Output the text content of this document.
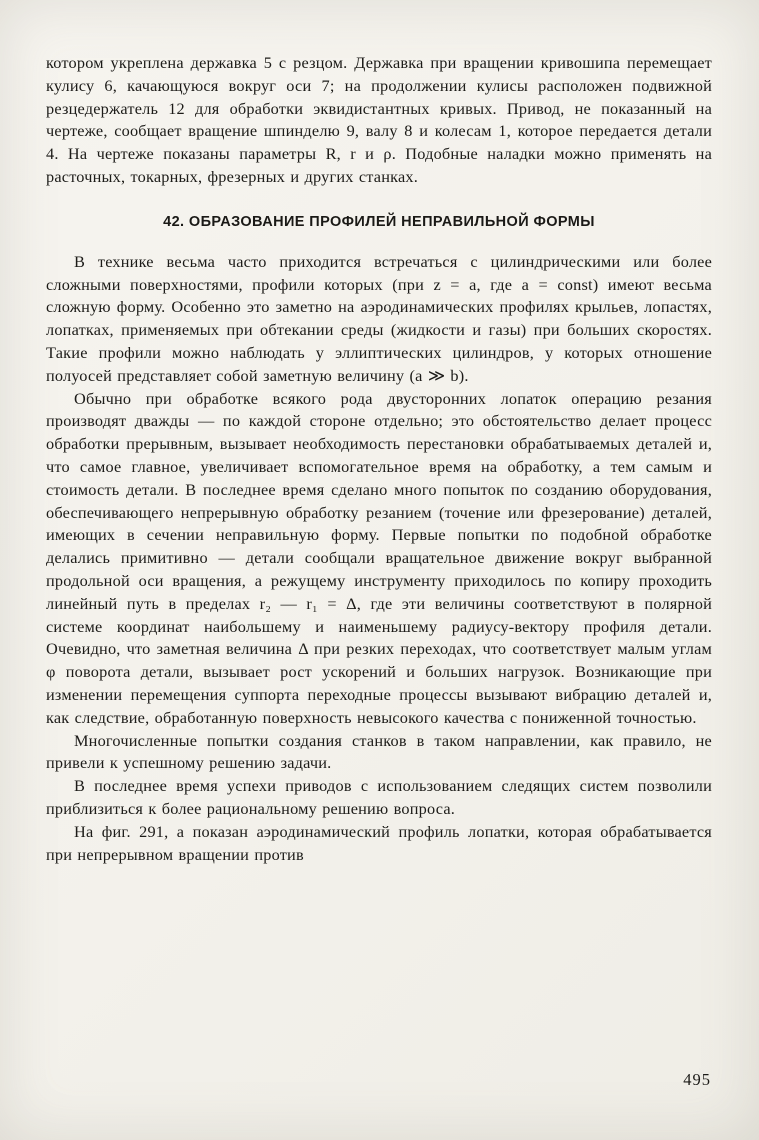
котором укреплена державка 5 с резцом. Державка при вращении кривошипа перемещает кулису 6, качающуюся вокруг оси 7; на продолжении кулисы расположен подвижной резцедержатель 12 для обработки эквидистантных кривых. Привод, не показанный на чертеже, сообщает вращение шпинделю 9, валу 8 и колесам 1, которое передается детали 4. На чертеже показаны параметры R, r и ρ. Подобные наладки можно применять на расточных, токарных, фрезерных и других станках.

42. ОБРАЗОВАНИЕ ПРОФИЛЕЙ НЕПРАВИЛЬНОЙ ФОРМЫ

В технике весьма часто приходится встречаться с цилиндрическими или более сложными поверхностями, профили которых (при z = a, где a = const) имеют весьма сложную форму. Особенно это заметно на аэродинамических профилях крыльев, лопастях, лопатках, применяемых при обтекании среды (жидкости и газы) при больших скоростях. Такие профили можно наблюдать у эллиптических цилиндров, у которых отношение полуосей представляет собой заметную величину (a ≫ b).

Обычно при обработке всякого рода двусторонних лопаток операцию резания производят дважды — по каждой стороне отдельно; это обстоятельство делает процесс обработки прерывным, вызывает необходимость перестановки обрабатываемых деталей и, что самое главное, увеличивает вспомогательное время на обработку, а тем самым и стоимость детали. В последнее время сделано много попыток по созданию оборудования, обеспечивающего непрерывную обработку резанием (точение или фрезерование) деталей, имеющих в сечении неправильную форму. Первые попытки по подобной обработке делались примитивно — детали сообщали вращательное движение вокруг выбранной продольной оси вращения, а режущему инструменту приходилось по копиру проходить линейный путь в пределах r₂ — r₁ = Δ, где эти величины соответствуют в полярной системе координат наибольшему и наименьшему радиусу-вектору профиля детали. Очевидно, что заметная величина Δ при резких переходах, что соответствует малым углам φ поворота детали, вызывает рост ускорений и больших нагрузок. Возникающие при изменении перемещения суппорта переходные процессы вызывают вибрацию деталей и, как следствие, обработанную поверхность невысокого качества с пониженной точностью.

Многочисленные попытки создания станков в таком направлении, как правило, не привели к успешному решению задачи.

В последнее время успехи приводов с использованием следящих систем позволили приблизиться к более рациональному решению вопроса.

На фиг. 291, а показан аэродинамический профиль лопатки, которая обрабатывается при непрерывном вращении против

495
